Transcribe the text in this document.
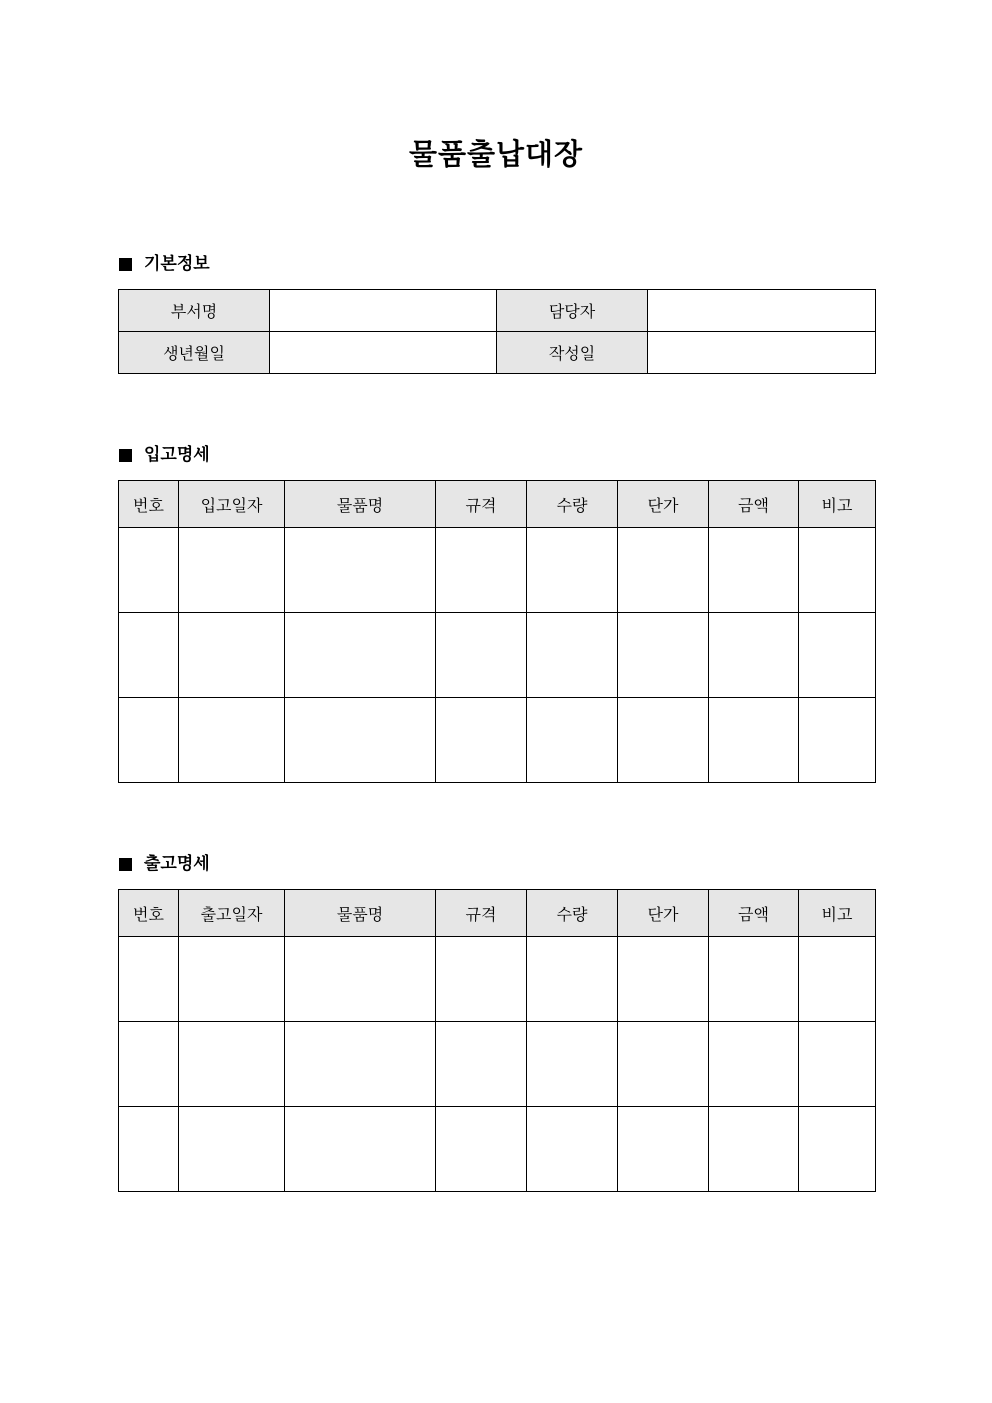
물품출납대장
기본정보
부서명		담당자	
생년월일		작성일	
입고명세
번호	입고일자	물품명	규격	수량	단가	금액	비고

출고명세
번호	출고일자	물품명	규격	수량	단가	금액	비고
